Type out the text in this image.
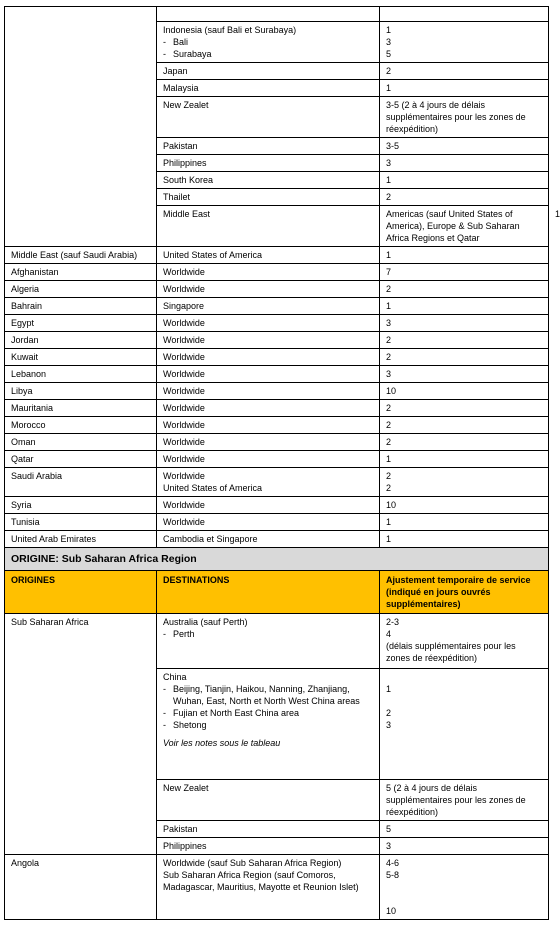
	Indonesia (sauf Bali et Surabaya)
- Bali
- Surabaya	1
3
5	

	Japan	2	
	Malaysia	1	
	New Zealet	3-5 (2 à 4 jours de délais supplémentaires pour les zones de réexpédition)	
	Pakistan	3-5	
	Philippines	3	
	South Korea	1	
	Thailet	2	
	Middle East	Americas (sauf United States of America), Europe & Sub Saharan Africa Regions et Qatar	1
Middle East (sauf Saudi Arabia)	United States of America	1	
Afghanistan	Worldwide	7	
Algeria	Worldwide	2	
Bahrain	Singapore	1	
Egypt	Worldwide	3	
Jordan	Worldwide	2	
Kuwait	Worldwide	2	
Lebanon	Worldwide	3	
Libya	Worldwide	10	
Mauritania	Worldwide	2	
Morocco	Worldwide	2	
Oman	Worldwide	2	
Qatar	Worldwide	1	
Saudi Arabia	Worldwide
United States of America	2
2	

Syria	Worldwide	10	
Tunisia	Worldwide	1	
United Arab Emirates	Cambodia et Singapore	1	
ORIGINE: Sub Saharan Africa Region			
ORIGINES	DESTINATIONS	Ajustement temporaire de service (indiqué en jours ouvrés supplémentaires)	
Sub Saharan Africa	Australia (sauf Perth)
- Perth	2-3
4
(délais supplémentaires pour les zones de réexpédition)	

	China
- Beijing, Tianjin, Haikou, Nanning, Zhanjiang, Wuhan, East, North et North West China areas
- Fujian et North East China area
- Shetong
Voir les notes sous le tableau	1
2
3	

	New Zealet	5 (2 à 4 jours de délais supplémentaires pour les zones de réexpédition)	
	Pakistan	5	
	Philippines	3	
Angola	Worldwide (sauf Sub Saharan Africa Region)
Sub Saharan Africa Region (sauf Comoros, Madagascar, Mauritius, Mayotte et Reunion Islet)	4-6
5-8
10	
